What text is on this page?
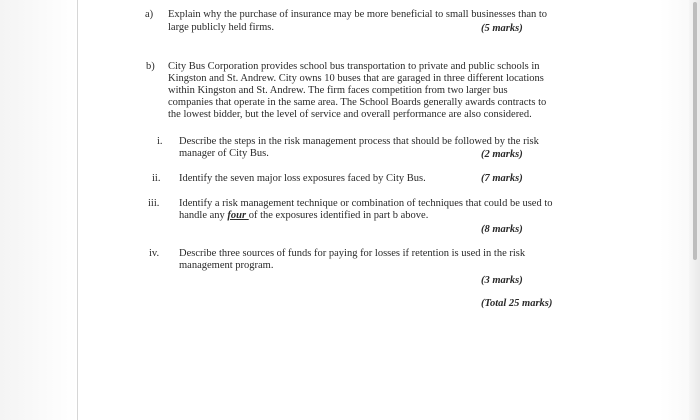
a) Explain why the purchase of insurance may be more beneficial to small businesses than to
large publicly held firms.	(5 marks)
b) City Bus Corporation provides school bus transportation to private and public schools in
Kingston and St. Andrew. City owns 10 buses that are garaged in three different locations
within Kingston and St. Andrew. The firm faces competition from two larger bus
companies that operate in the same area. The School Boards generally awards contracts to
the lowest bidder, but the level of service and overall performance are also considered.
i. Describe the steps in the risk management process that should be followed by the risk
manager of City Bus.	(2 marks)
ii. Identify the seven major loss exposures faced by City Bus.	(7 marks)
iii. Identify a risk management technique or combination of techniques that could be used to
handle any four of the exposures identified in part b above.
(8 marks)
iv. Describe three sources of funds for paying for losses if retention is used in the risk
management program.
(3 marks)
(Total 25 marks)
